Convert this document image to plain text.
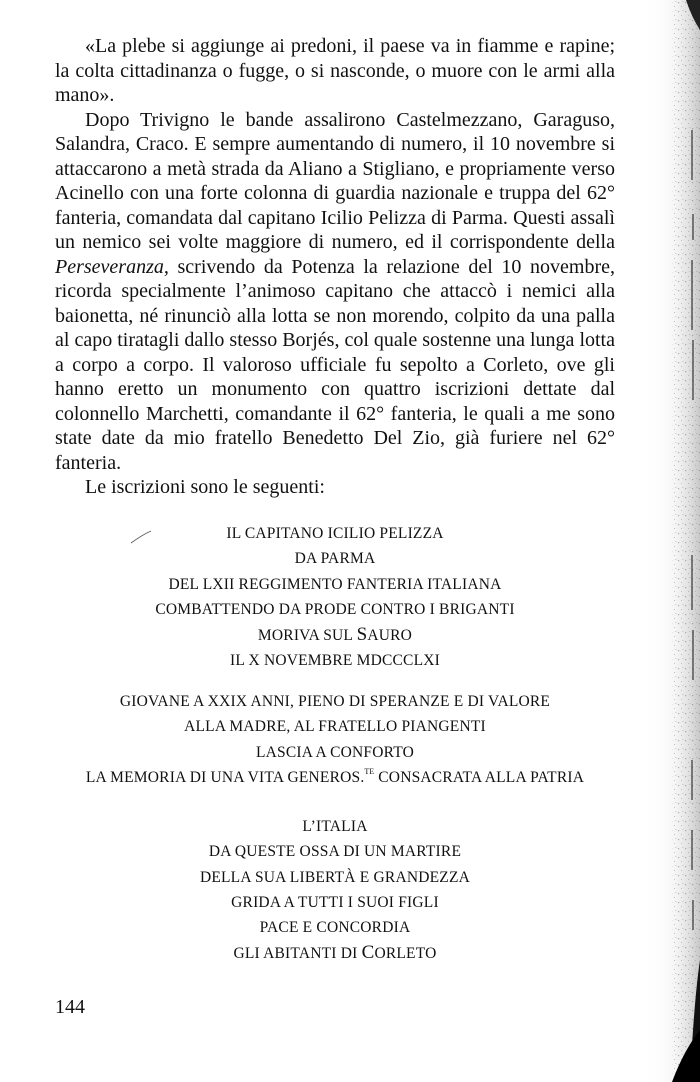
«La plebe si aggiunge ai predoni, il paese va in fiamme e rapine; la colta cittadinanza o fugge, o si nasconde, o muore con le armi alla mano».

Dopo Trivigno le bande assalirono Castelmezzano, Garaguso, Salandra, Craco. E sempre aumentando di numero, il 10 novembre si attaccarono a metà strada da Aliano a Stigliano, e propriamente verso Acinello con una forte colonna di guardia nazionale e truppa del 62° fanteria, comandata dal capitano Icilio Pelizza di Parma. Questi assalì un nemico sei volte maggiore di numero, ed il corrispondente della Perseveranza, scrivendo da Potenza la relazione del 10 novembre, ricorda specialmente l’animoso capitano che attaccò i nemici alla baionetta, né rinunciò alla lotta se non morendo, colpito da una palla al capo tiratagli dallo stesso Borjés, col quale sostenne una lunga lotta a corpo a corpo. Il valoroso ufficiale fu sepolto a Corleto, ove gli hanno eretto un monumento con quattro iscrizioni dettate dal colonnello Marchetti, comandante il 62° fanteria, le quali a me sono state date da mio fratello Benedetto Del Zio, già furiere nel 62° fanteria.

Le iscrizioni sono le seguenti:

IL CAPITANO ICILIO PELIZZA
DA PARMA
DEL LXII REGGIMENTO FANTERIA ITALIANA
COMBATTENDO DA PRODE CONTRO I BRIGANTI
MORIVA SUL SAURO
IL X NOVEMBRE MDCCCLXI
GIOVANE A XXIX ANNI, PIENO DI SPERANZE E DI VALORE
ALLA MADRE, AL FRATELLO PIANGENTI
LASCIA A CONFORTO
LA MEMORIA DI UNA VITA GENEROS.$^{TE}$ CONSACRATA ALLA PATRIA
L’ITALIA
DA QUESTE OSSA DI UN MARTIRE
DELLA SUA LIBERTÀ E GRANDEZZA
GRIDA A TUTTI I SUOI FIGLI
PACE E CONCORDIA
GLI ABITANTI DI CORLETO
144
